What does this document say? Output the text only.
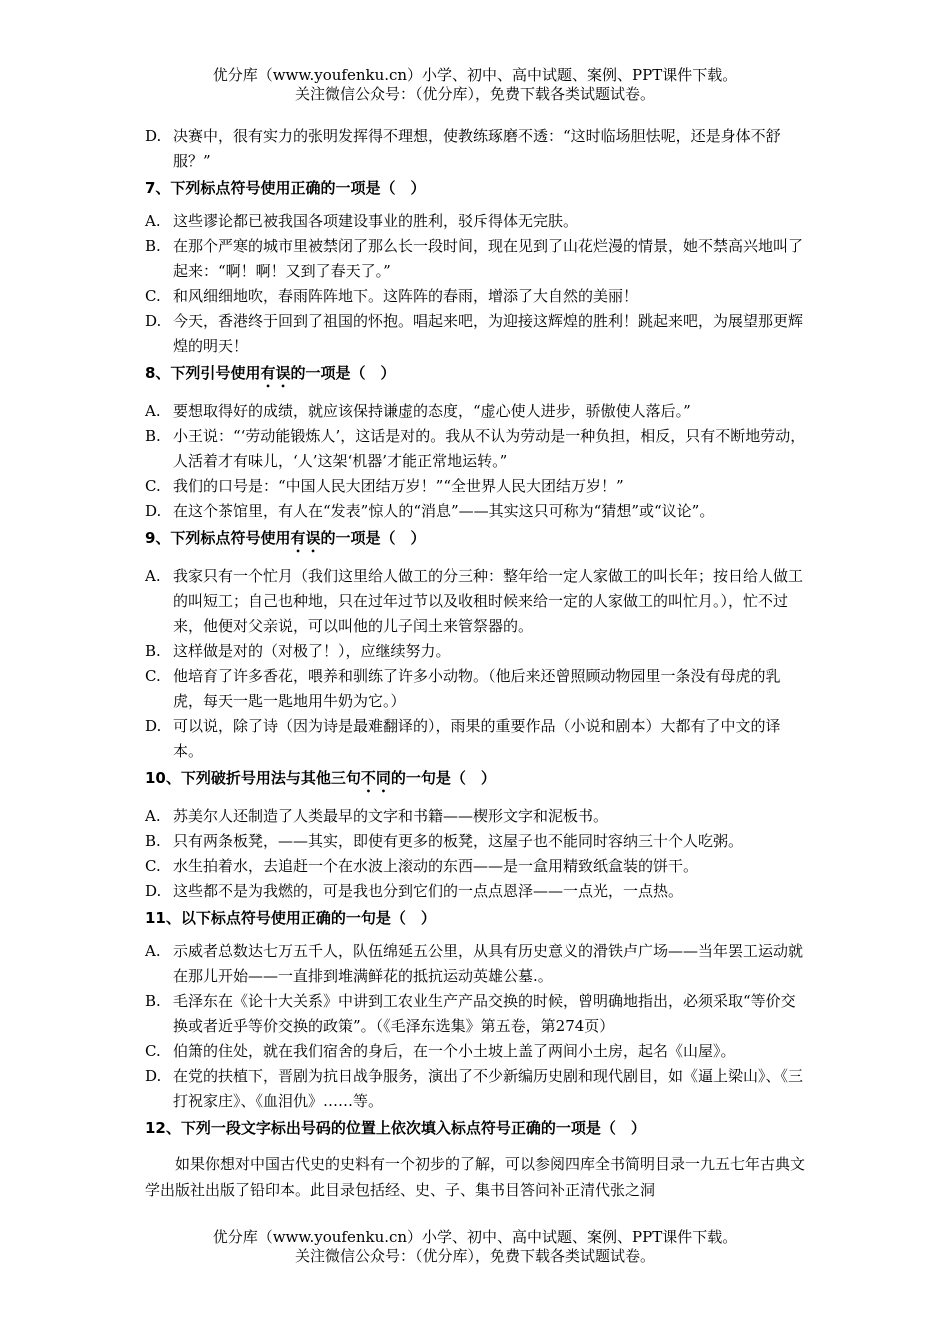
优分库（www.youfenku.cn）小学、初中、高中试题、案例、PPT课件下载。
关注微信公众号：（优分库），免费下载各类试题试卷。

D. 决赛中，很有实力的张明发挥得不理想，使教练琢磨不透：“这时临场胆怯呢，还是身体不舒服？”

7、下列标点符号使用正确的一项是（　）

A. 这些谬论都已被我国各项建设事业的胜利，驳斥得体无完肤。

B. 在那个严寒的城市里被禁闭了那么长一段时间，现在见到了山花烂漫的情景，她不禁高兴地叫了起来：“啊！啊！又到了春天了。”

C. 和风细细地吹，春雨阵阵地下。这阵阵的春雨，增添了大自然的美丽！

D. 今天，香港终于回到了祖国的怀抱。唱起来吧，为迎接这辉煌的胜利！跳起来吧，为展望那更辉煌的明天！

8、下列引号使用有误的一项是（　）

A. 要想取得好的成绩，就应该保持谦虚的态度，“虚心使人进步，骄傲使人落后。”

B. 小王说：“‘劳动能锻炼人’，这话是对的。我从不认为劳动是一种负担，相反，只有不断地劳动，人活着才有味儿，‘人’这架‘机器’才能正常地运转。”

C. 我们的口号是：“中国人民大团结万岁！”“全世界人民大团结万岁！”

D. 在这个茶馆里，有人在“发表”惊人的“消息”——其实这只可称为“猜想”或“议论”。

9、下列标点符号使用有误的一项是（　）

A. 我家只有一个忙月（我们这里给人做工的分三种：整年给一定人家做工的叫长年；按日给人做工的叫短工；自己也种地，只在过年过节以及收租时候来给一定的人家做工的叫忙月。），忙不过来，他便对父亲说，可以叫他的儿子闰土来管祭器的。

B. 这样做是对的（对极了！），应继续努力。

C. 他培育了许多香花，喂养和驯练了许多小动物。（他后来还曾照顾动物园里一条没有母虎的乳虎，每天一匙一匙地用牛奶为它。）

D. 可以说，除了诗（因为诗是最难翻译的），雨果的重要作品（小说和剧本）大都有了中文的译本。

10、下列破折号用法与其他三句不同的一句是（　）

A. 苏美尔人还制造了人类最早的文字和书籍——楔形文字和泥板书。

B. 只有两条板凳，——其实，即使有更多的板凳，这屋子也不能同时容纳三十个人吃粥。

C. 水生拍着水，去追赶一个在水波上滚动的东西——是一盒用精致纸盒装的饼干。

D. 这些都不是为我燃的，可是我也分到它们的一点点恩泽——一点光，一点热。

11、以下标点符号使用正确的一句是（　）

A. 示威者总数达七万五千人，队伍绵延五公里，从具有历史意义的滑铁卢广场——当年罢工运动就在那儿开始——一直排到堆满鲜花的抵抗运动英雄公墓.。

B. 毛泽东在《论十大关系》中讲到工农业生产产品交换的时候，曾明确地指出，必须采取“等价交换或者近乎等价交换的政策”。（《毛泽东选集》第五卷，第274页）

C. 伯箫的住处，就在我们宿舍的身后，在一个小土坡上盖了两间小土房，起名《山屋》。

D. 在党的扶植下，晋剧为抗日战争服务，演出了不少新编历史剧和现代剧目，如《逼上梁山》、《三打祝家庄》、《血泪仇》……等。

12、下列一段文字标出号码的位置上依次填入标点符号正确的一项是（　）

如果你想对中国古代史的史料有一个初步的了解，可以参阅四库全书简明目录一九五七年古典文学出版社出版了铅印本。此目录包括经、史、子、集书目答问补正清代张之洞

优分库（www.youfenku.cn）小学、初中、高中试题、案例、PPT课件下载。
关注微信公众号：（优分库），免费下载各类试题试卷。
